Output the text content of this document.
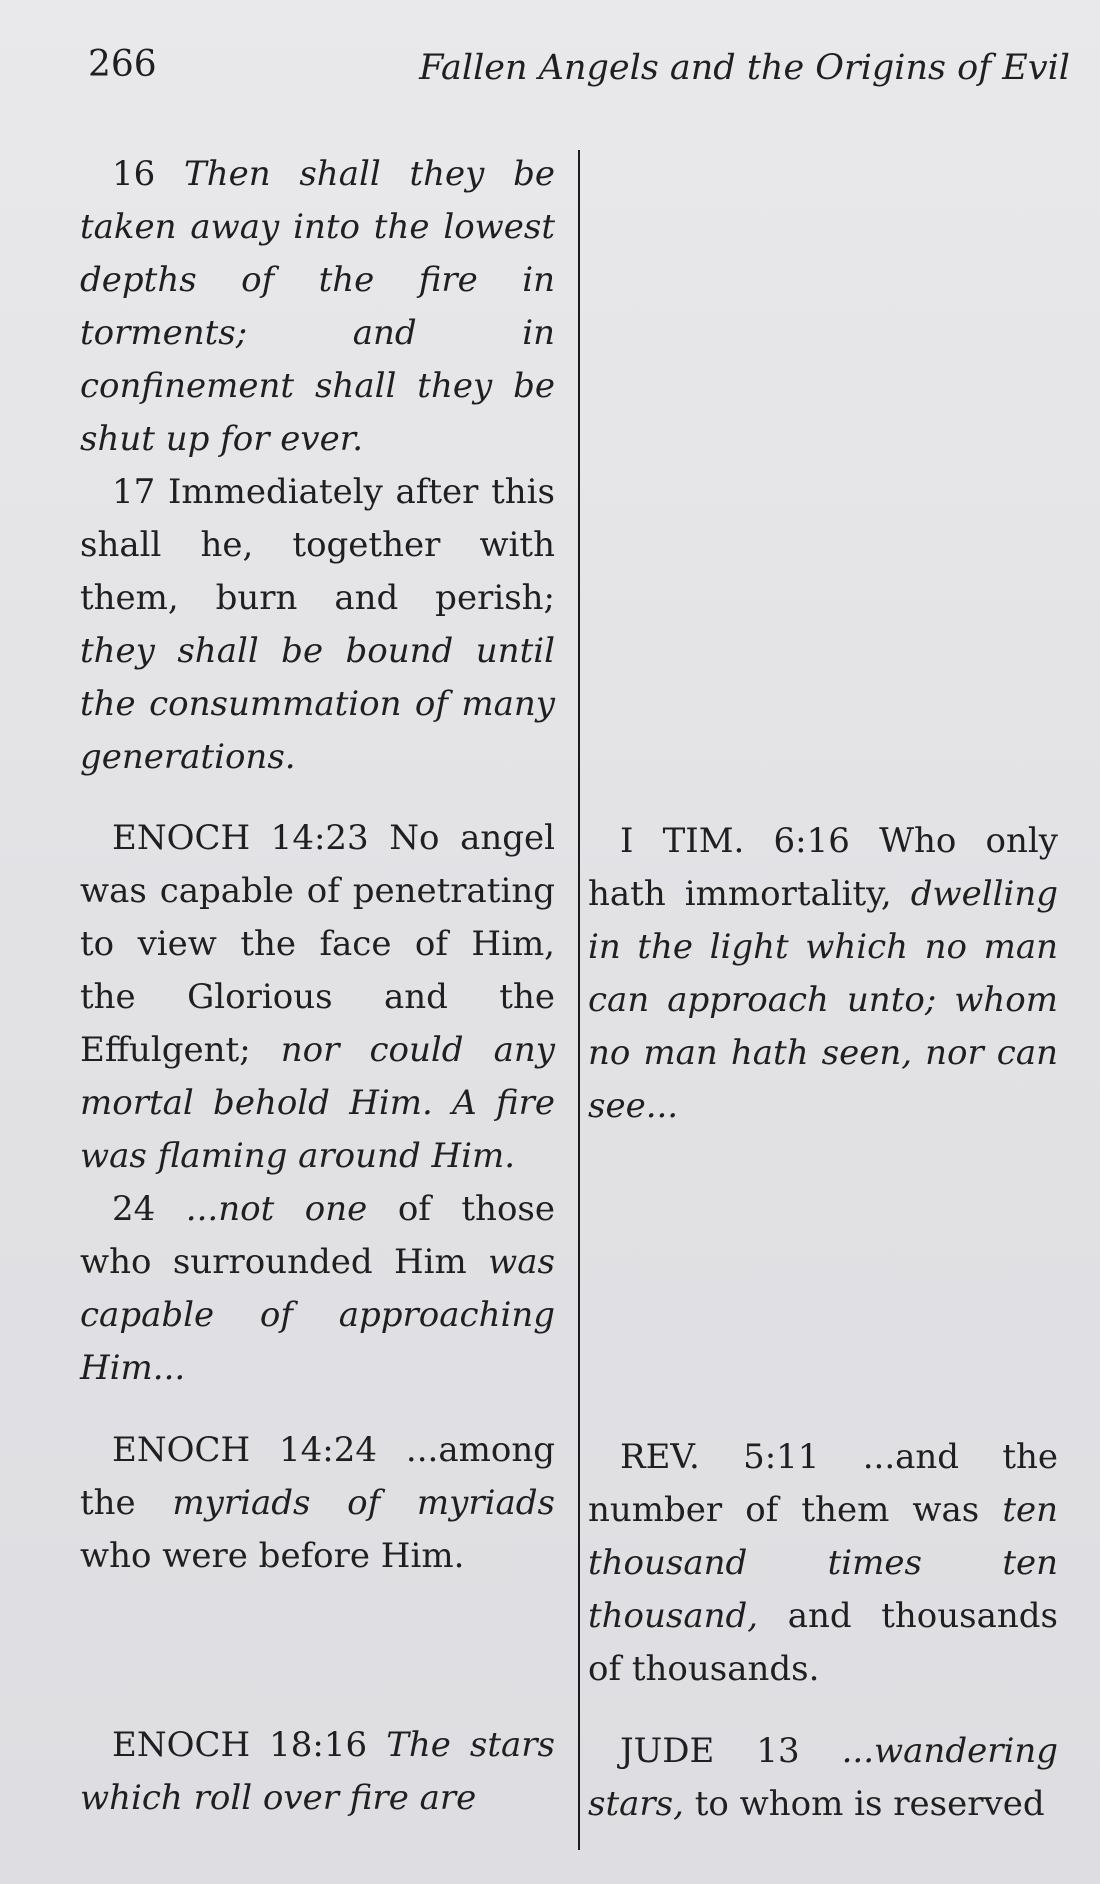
266	Fallen Angels and the Origins of Evil

16 Then shall they be taken away into the lowest depths of the fire in torments; and in confinement shall they be shut up for ever.

17 Immediately after this shall he, together with them, burn and perish; they shall be bound until the consummation of many generations.

ENOCH 14:23 No angel was capable of penetrating to view the face of Him, the Glorious and the Effulgent; nor could any mortal behold Him. A fire was flaming around Him.

24 ...not one of those who surrounded Him was capable of approaching Him...

ENOCH 14:24 ...among the myriads of myriads who were before Him.

ENOCH 18:16 The stars which roll over fire are

I TIM. 6:16 Who only hath immortality, dwelling in the light which no man can approach unto; whom no man hath seen, nor can see...

REV. 5:11 ...and the number of them was ten thousand times ten thousand, and thousands of thousands.

JUDE 13 ...wandering stars, to whom is reserved
